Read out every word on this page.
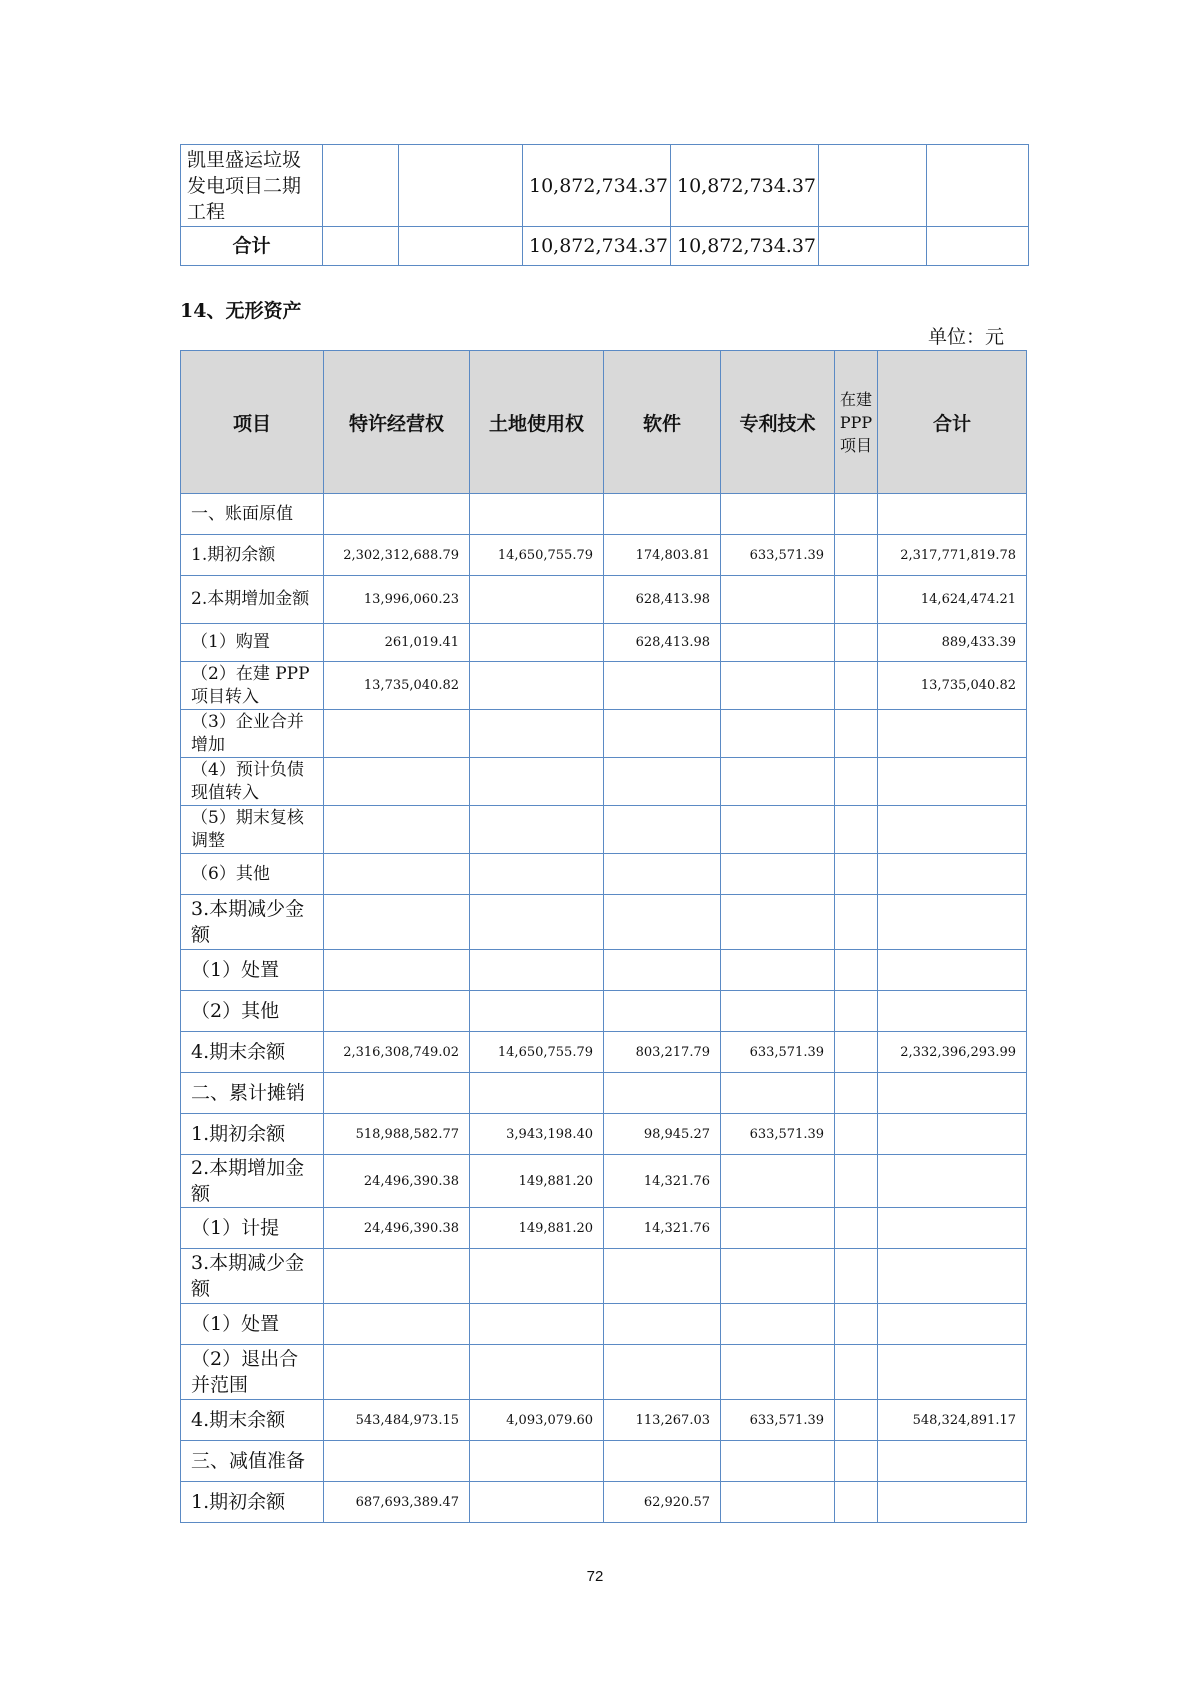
凯里盛运垃圾发电项目二期工程			10,872,734.37	10,872,734.37		
合计			10,872,734.37	10,872,734.37		
14、无形资产
单位：元
项目	特许经营权	土地使用权	软件	专利技术	在建PPP项目	合计
一、账面原值						
1.期初余额	2,302,312,688.79	14,650,755.79	174,803.81	633,571.39		2,317,771,819.78
2.本期增加金额	13,996,060.23		628,413.98			14,624,474.21
（1）购置	261,019.41		628,413.98			889,433.39
（2）在建 PPP 项目转入	13,735,040.82					13,735,040.82
（3）企业合并增加						
（4）预计负债现值转入						
（5）期末复核调整						
（6）其他						
3.本期减少金额						
（1）处置						
（2）其他						
4.期末余额	2,316,308,749.02	14,650,755.79	803,217.79	633,571.39		2,332,396,293.99
二、累计摊销						
1.期初余额	518,988,582.77	3,943,198.40	98,945.27	633,571.39		
2.本期增加金额	24,496,390.38	149,881.20	14,321.76			
（1）计提	24,496,390.38	149,881.20	14,321.76			
3.本期减少金额						
（1）处置						
（2）退出合并范围						
4.期末余额	543,484,973.15	4,093,079.60	113,267.03	633,571.39		548,324,891.17
三、减值准备						
1.期初余额	687,693,389.47		62,920.57			
72
